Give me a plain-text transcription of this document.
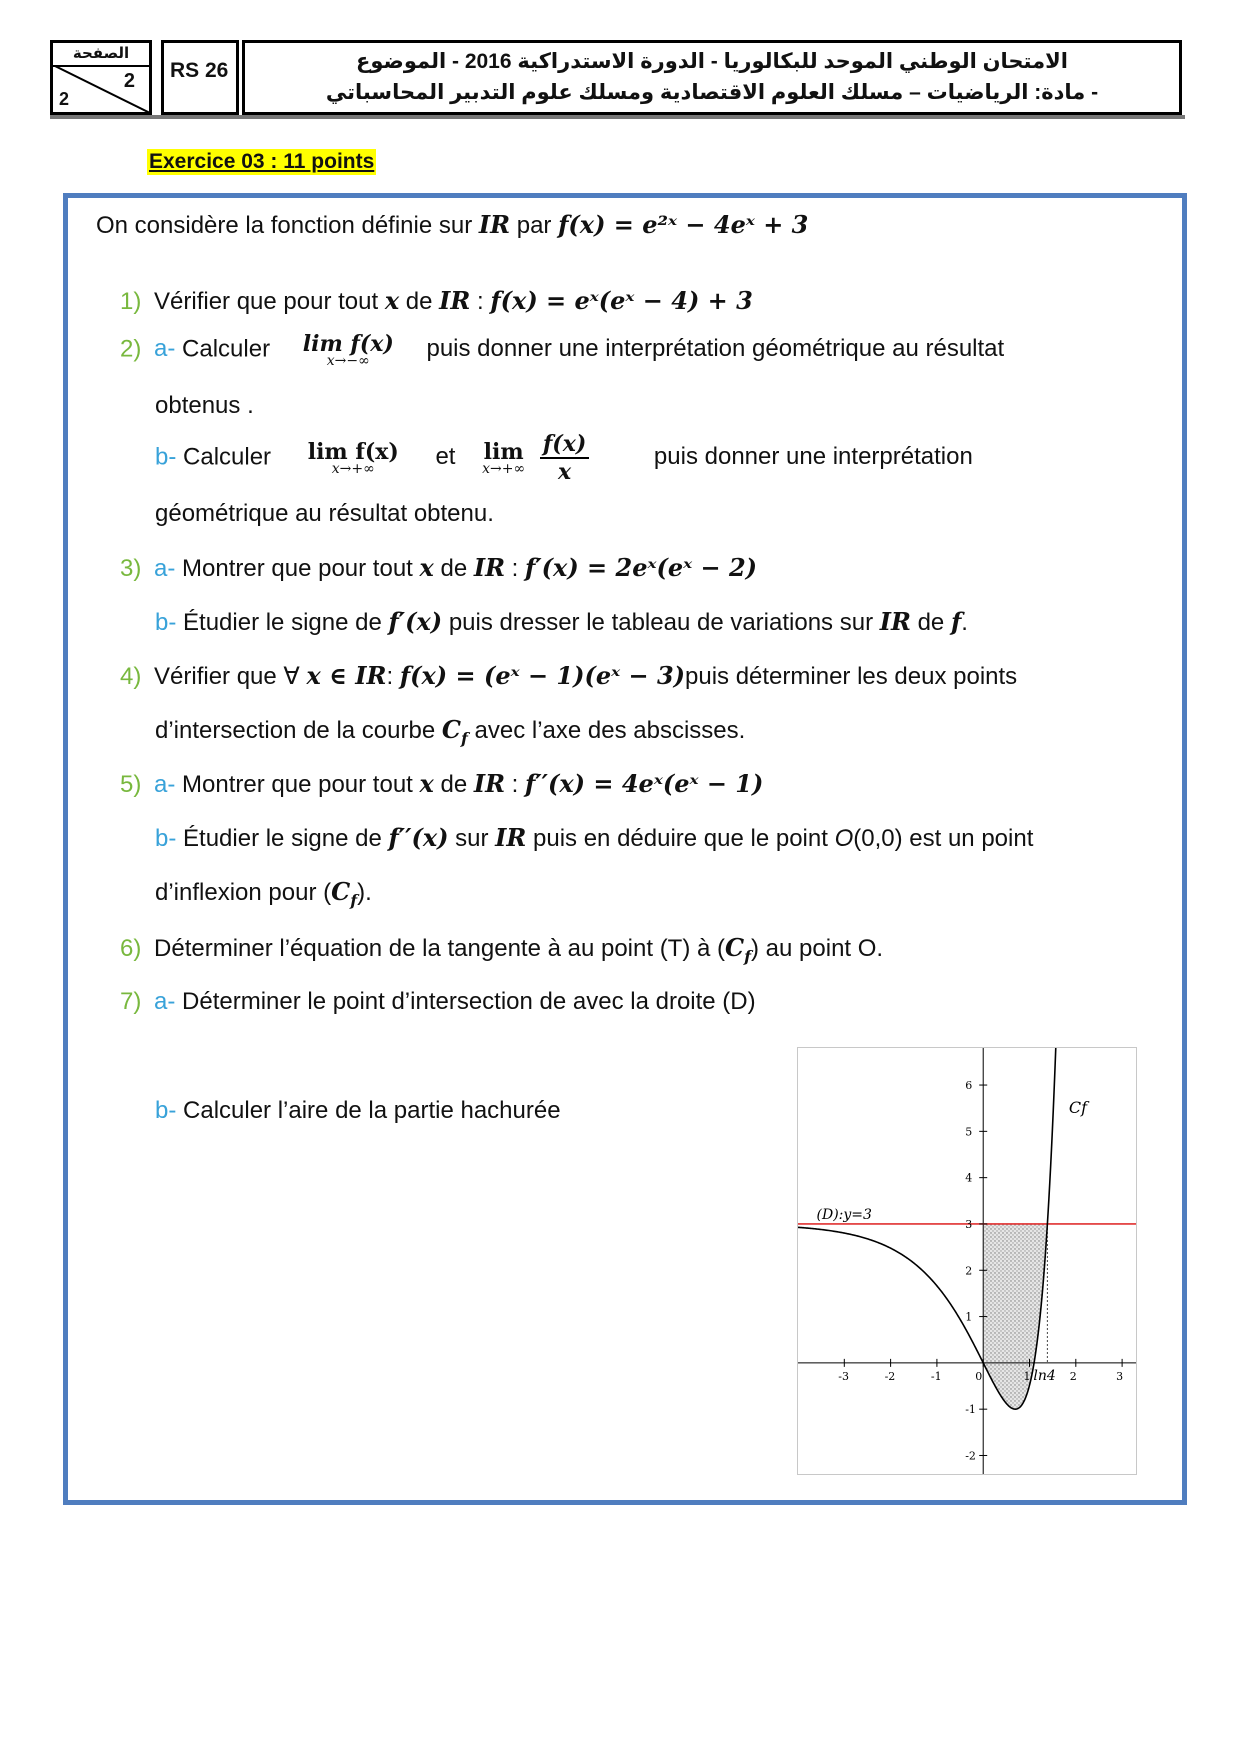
الصفحة
2
2
RS 26	الامتحان الوطني الموحد للبكالوريا - الدورة الاستدراكية 2016 - الموضوع
- مادة: الرياضيات – مسلك العلوم الاقتصادية ومسلك علوم التدبير المحاسباتي
Exercice 03 : 11 points
On considère la fonction définie sur IR par f(x) = e²ˣ − 4eˣ + 3
1) Vérifier que pour tout x de IR : f(x) = eˣ(eˣ − 4) + 3
2) a- Calculer lim f(x)
x→−∞	puis donner une interprétation géométrique au résultat
obtenus .
b- Calculer lim f(x)
x→+∞	et lim
x→+∞
$\frac{f(x)}{x}$	puis donner une interprétation
géométrique au résultat obtenu.
3) a- Montrer que pour tout x de IR : f′(x) = 2eˣ(eˣ − 2)
b- Étudier le signe de f′(x) puis dresser le tableau de variations sur IR de f.
4) Vérifier que ∀ x ∈ IR: f(x) = (eˣ − 1)(eˣ − 3)puis déterminer les deux points
d’intersection de la courbe $C_f$ avec l’axe des abscisses.
5) a- Montrer que pour tout x de IR : f′′(x) = 4eˣ(eˣ − 1)
b- Étudier le signe de f′′(x) sur IR puis en déduire que le point O(0,0) est un point
d’inflexion pour $(C_f)$.
6) Déterminer l’équation de la tangente à au point (T) à $(C_f)$ au point O.
7) a- Déterminer le point d’intersection de avec la droite (D)
b- Calculer l’aire de la partie hachurée
-3	-2	-1	0	1	2	3
-2
-1
1
2
3
4
5
6
(D):y=3
Cf
ln4
